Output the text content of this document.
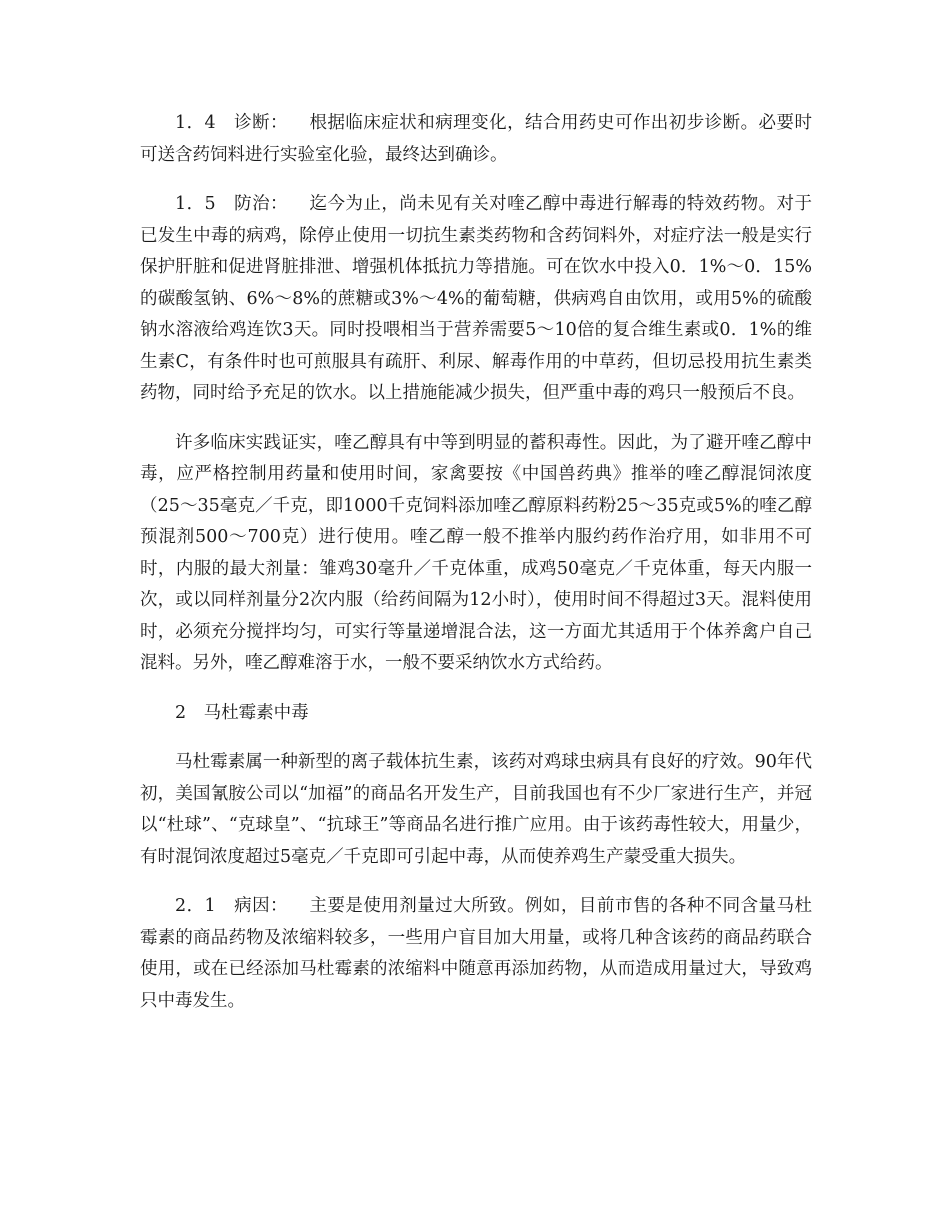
1．4　诊断： 根据临床症状和病理变化，结合用药史可作出初步诊断。必要时可送含药饲料进行实验室化验，最终达到确诊。

1．5　防治： 迄今为止，尚未见有关对喹乙醇中毒进行解毒的特效药物。对于已发生中毒的病鸡，除停止使用一切抗生素类药物和含药饲料外，对症疗法一般是实行保护肝脏和促进肾脏排泄、增强机体抵抗力等措施。可在饮水中投入0．1%～0．15%的碳酸氢钠、6%～8%的蔗糖或3%～4%的葡萄糖，供病鸡自由饮用，或用5%的硫酸钠水溶液给鸡连饮3天。同时投喂相当于营养需要5～10倍的复合维生素或0．1%的维生素C，有条件时也可煎服具有疏肝、利尿、解毒作用的中草药，但切忌投用抗生素类药物，同时给予充足的饮水。以上措施能减少损失，但严重中毒的鸡只一般预后不良。

许多临床实践证实，喹乙醇具有中等到明显的蓄积毒性。因此，为了避开喹乙醇中毒，应严格控制用药量和使用时间，家禽要按《中国兽药典》推举的喹乙醇混饲浓度（25～35毫克／千克，即1000千克饲料添加喹乙醇原料药粉25～35克或5%的喹乙醇预混剂500～700克）进行使用。喹乙醇一般不推举内服约药作治疗用，如非用不可时，内服的最大剂量：雏鸡30毫升／千克体重，成鸡50毫克／千克体重，每天内服一次，或以同样剂量分2次内服（给药间隔为12小时），使用时间不得超过3天。混料使用时，必须充分搅拌均匀，可实行等量递增混合法，这一方面尤其适用于个体养禽户自己混料。另外，喹乙醇难溶于水，一般不要采纳饮水方式给药。

2　马杜霉素中毒

马杜霉素属一种新型的离子载体抗生素，该药对鸡球虫病具有良好的疗效。90年代初，美国氰胺公司以“加福”的商品名开发生产，目前我国也有不少厂家进行生产，并冠以“杜球”、“克球皇”、“抗球王”等商品名进行推广应用。由于该药毒性较大，用量少，有时混饲浓度超过5毫克／千克即可引起中毒，从而使养鸡生产蒙受重大损失。

2．1　病因： 主要是使用剂量过大所致。例如，目前市售的各种不同含量马杜霉素的商品药物及浓缩料较多，一些用户盲目加大用量，或将几种含该药的商品药联合使用，或在已经添加马杜霉素的浓缩料中随意再添加药物，从而造成用量过大，导致鸡只中毒发生。
